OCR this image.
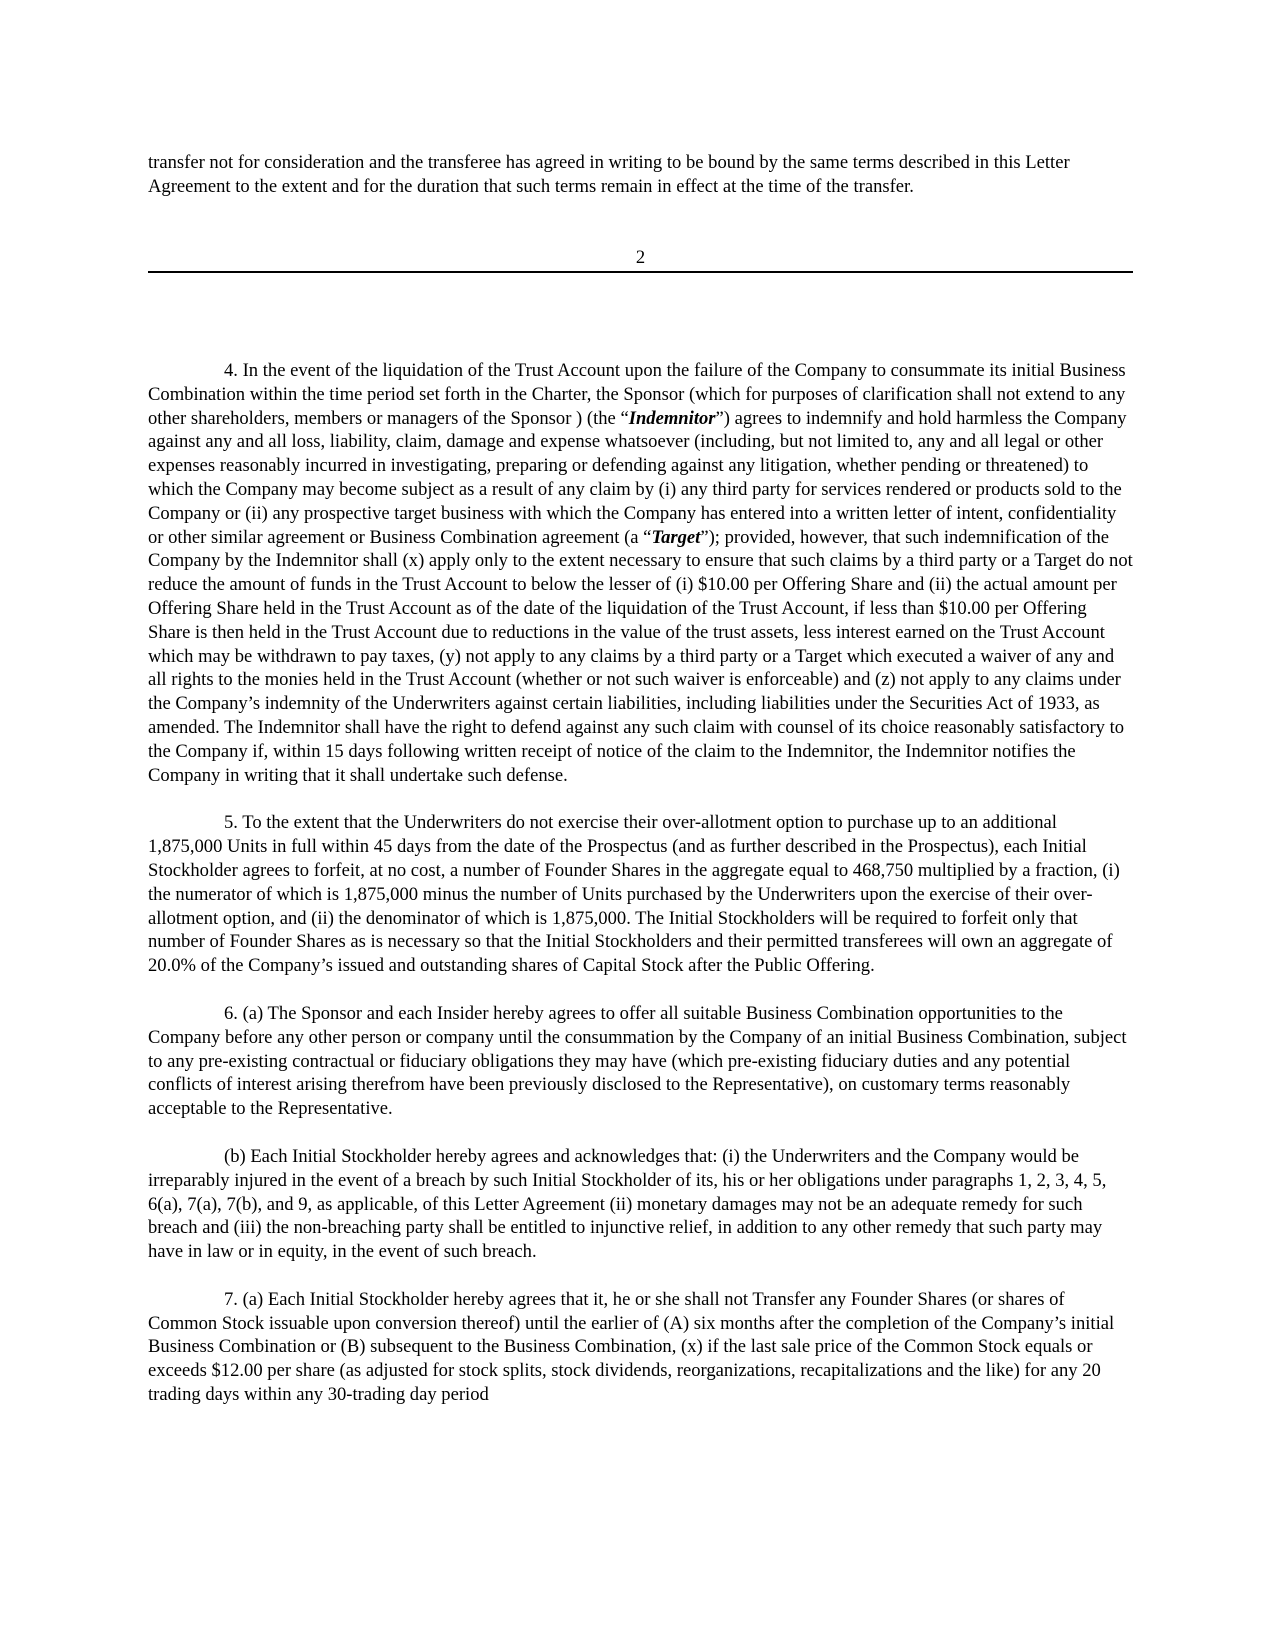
transfer not for consideration and the transferee has agreed in writing to be bound by the same terms described in this Letter Agreement to the extent and for the duration that such terms remain in effect at the time of the transfer.

2

4. In the event of the liquidation of the Trust Account upon the failure of the Company to consummate its initial Business Combination within the time period set forth in the Charter, the Sponsor (which for purposes of clarification shall not extend to any other shareholders, members or managers of the Sponsor ) (the “Indemnitor”) agrees to indemnify and hold harmless the Company against any and all loss, liability, claim, damage and expense whatsoever (including, but not limited to, any and all legal or other expenses reasonably incurred in investigating, preparing or defending against any litigation, whether pending or threatened) to which the Company may become subject as a result of any claim by (i) any third party for services rendered or products sold to the Company or (ii) any prospective target business with which the Company has entered into a written letter of intent, confidentiality or other similar agreement or Business Combination agreement (a “Target”); provided, however, that such indemnification of the Company by the Indemnitor shall (x) apply only to the extent necessary to ensure that such claims by a third party or a Target do not reduce the amount of funds in the Trust Account to below the lesser of (i) $10.00 per Offering Share and (ii) the actual amount per Offering Share held in the Trust Account as of the date of the liquidation of the Trust Account, if less than $10.00 per Offering Share is then held in the Trust Account due to reductions in the value of the trust assets, less interest earned on the Trust Account which may be withdrawn to pay taxes, (y) not apply to any claims by a third party or a Target which executed a waiver of any and all rights to the monies held in the Trust Account (whether or not such waiver is enforceable) and (z) not apply to any claims under the Company’s indemnity of the Underwriters against certain liabilities, including liabilities under the Securities Act of 1933, as amended. The Indemnitor shall have the right to defend against any such claim with counsel of its choice reasonably satisfactory to the Company if, within 15 days following written receipt of notice of the claim to the Indemnitor, the Indemnitor notifies the Company in writing that it shall undertake such defense.

5. To the extent that the Underwriters do not exercise their over-allotment option to purchase up to an additional 1,875,000 Units in full within 45 days from the date of the Prospectus (and as further described in the Prospectus), each Initial Stockholder agrees to forfeit, at no cost, a number of Founder Shares in the aggregate equal to 468,750 multiplied by a fraction, (i) the numerator of which is 1,875,000 minus the number of Units purchased by the Underwriters upon the exercise of their over-allotment option, and (ii) the denominator of which is 1,875,000. The Initial Stockholders will be required to forfeit only that number of Founder Shares as is necessary so that the Initial Stockholders and their permitted transferees will own an aggregate of 20.0% of the Company’s issued and outstanding shares of Capital Stock after the Public Offering.

6. (a) The Sponsor and each Insider hereby agrees to offer all suitable Business Combination opportunities to the Company before any other person or company until the consummation by the Company of an initial Business Combination, subject to any pre-existing contractual or fiduciary obligations they may have (which pre-existing fiduciary duties and any potential conflicts of interest arising therefrom have been previously disclosed to the Representative), on customary terms reasonably acceptable to the Representative.

(b) Each Initial Stockholder hereby agrees and acknowledges that: (i) the Underwriters and the Company would be irreparably injured in the event of a breach by such Initial Stockholder of its, his or her obligations under paragraphs 1, 2, 3, 4, 5, 6(a), 7(a), 7(b), and 9, as applicable, of this Letter Agreement (ii) monetary damages may not be an adequate remedy for such breach and (iii) the non-breaching party shall be entitled to injunctive relief, in addition to any other remedy that such party may have in law or in equity, in the event of such breach.

7. (a) Each Initial Stockholder hereby agrees that it, he or she shall not Transfer any Founder Shares (or shares of Common Stock issuable upon conversion thereof) until the earlier of (A) six months after the completion of the Company’s initial Business Combination or (B) subsequent to the Business Combination, (x) if the last sale price of the Common Stock equals or exceeds $12.00 per share (as adjusted for stock splits, stock dividends, reorganizations, recapitalizations and the like) for any 20 trading days within any 30-trading day period
